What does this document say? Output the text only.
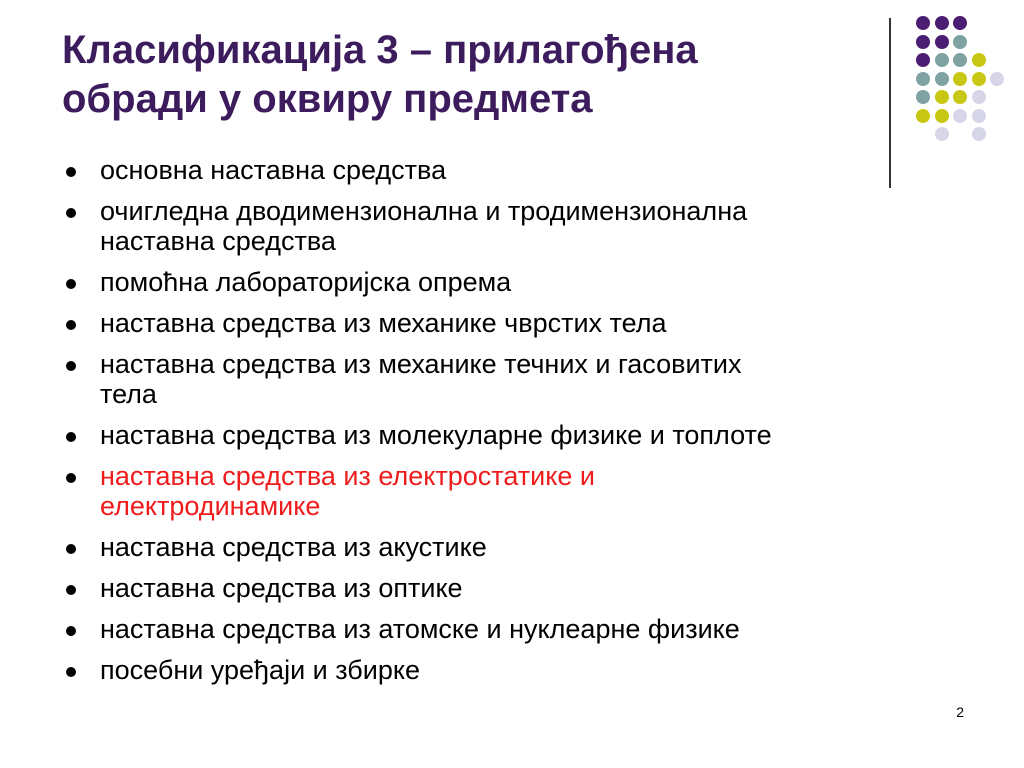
Класификација 3 – прилагођена
обради у оквиру предмета
основна наставна средства
очигледна дводимензионална и тродимензионална
наставна средства
помоћна лабораторијска опрема
наставна средства из механике чврстих тела
наставна средства из механике течних и гасовитих
тела
наставна средства из молекуларне физике и топлоте
наставна средства из електростатике и
електродинамике
наставна средства из акустике
наставна средства из оптике
наставна средства из атомске и нуклеарне физике
посебни уређаји и збирке
2
